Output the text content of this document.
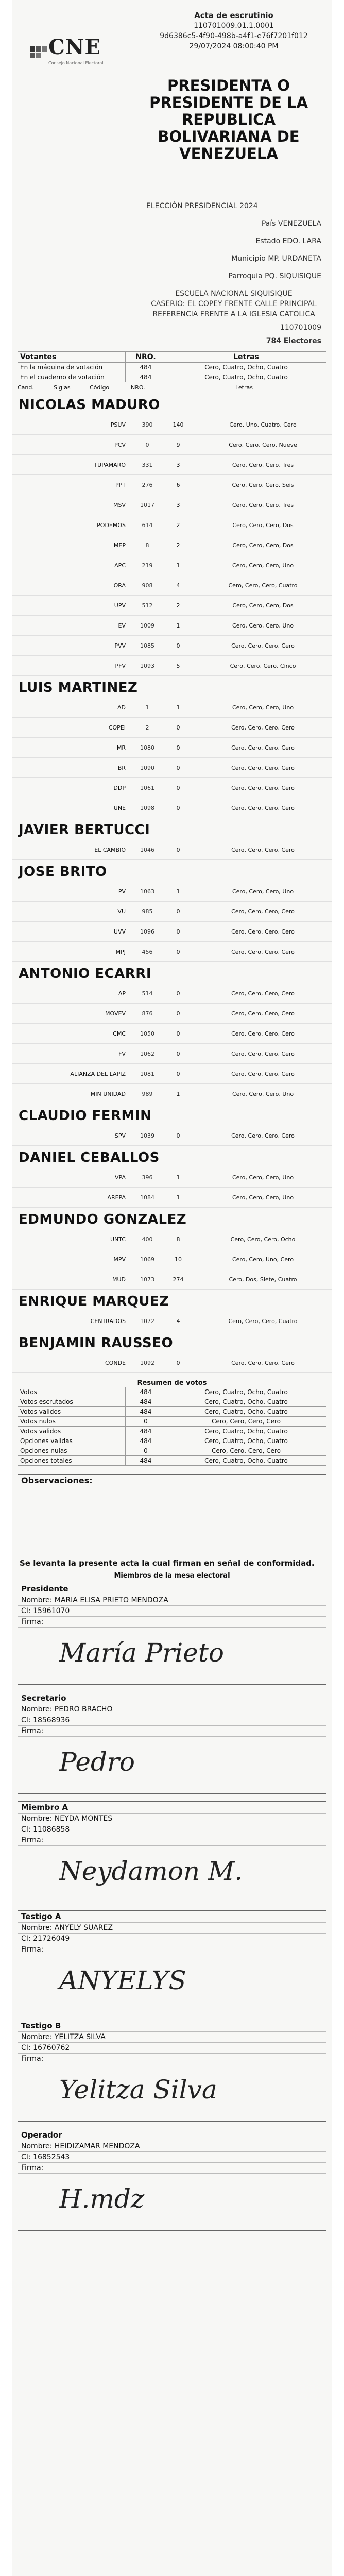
CNE
Consejo Nacional Electoral
Acta de escrutinio
110701009.01.1.0001
9d6386c5-4f90-498b-a4f1-e76f7201f012
29/07/2024 08:00:40 PM
PRESIDENTA O
PRESIDENTE DE LA
REPUBLICA
BOLIVARIANA DE
VENEZUELA
ELECCIÓN PRESIDENCIAL 2024
País VENEZUELA
Estado EDO. LARA
Municipio MP. URDANETA
Parroquia PQ. SIQUISIQUE
ESCUELA NACIONAL SIQUISIQUE
CASERIO: EL COPEY FRENTE CALLE PRINCIPAL REFERENCIA FRENTE A LA IGLESIA CATOLICA
110701009
784 Electores
Votantes	NRO.	Letras
En la máquina de votación	484	Cero, Cuatro, Ocho, Cuatro
En el cuaderno de votación	484	Cero, Cuatro, Ocho, Cuatro
Cand.	Siglas	Código	NRO.	Letras
NICOLAS MADURO
PSUV	390	140	Cero, Uno, Cuatro, Cero
PCV	0	9	Cero, Cero, Cero, Nueve
TUPAMARO	331	3	Cero, Cero, Cero, Tres
PPT	276	6	Cero, Cero, Cero, Seis
MSV	1017	3	Cero, Cero, Cero, Tres
PODEMOS	614	2	Cero, Cero, Cero, Dos
MEP	8	2	Cero, Cero, Cero, Dos
APC	219	1	Cero, Cero, Cero, Uno
ORA	908	4	Cero, Cero, Cero, Cuatro
UPV	512	2	Cero, Cero, Cero, Dos
EV	1009	1	Cero, Cero, Cero, Uno
PVV	1085	0	Cero, Cero, Cero, Cero
PFV	1093	5	Cero, Cero, Cero, Cinco
LUIS MARTINEZ
AD	1	1	Cero, Cero, Cero, Uno
COPEI	2	0	Cero, Cero, Cero, Cero
MR	1080	0	Cero, Cero, Cero, Cero
BR	1090	0	Cero, Cero, Cero, Cero
DDP	1061	0	Cero, Cero, Cero, Cero
UNE	1098	0	Cero, Cero, Cero, Cero
JAVIER BERTUCCI
EL CAMBIO	1046	0	Cero, Cero, Cero, Cero
JOSE BRITO
PV	1063	1	Cero, Cero, Cero, Uno
VU	985	0	Cero, Cero, Cero, Cero
UVV	1096	0	Cero, Cero, Cero, Cero
MPJ	456	0	Cero, Cero, Cero, Cero
ANTONIO ECARRI
AP	514	0	Cero, Cero, Cero, Cero
MOVEV	876	0	Cero, Cero, Cero, Cero
CMC	1050	0	Cero, Cero, Cero, Cero
FV	1062	0	Cero, Cero, Cero, Cero
ALIANZA DEL LAPIZ	1081	0	Cero, Cero, Cero, Cero
MIN UNIDAD	989	1	Cero, Cero, Cero, Uno
CLAUDIO FERMIN
SPV	1039	0	Cero, Cero, Cero, Cero
DANIEL CEBALLOS
VPA	396	1	Cero, Cero, Cero, Uno
AREPA	1084	1	Cero, Cero, Cero, Uno
EDMUNDO GONZALEZ
UNTC	400	8	Cero, Cero, Cero, Ocho
MPV	1069	10	Cero, Cero, Uno, Cero
MUD	1073	274	Cero, Dos, Siete, Cuatro
ENRIQUE MARQUEZ
CENTRADOS	1072	4	Cero, Cero, Cero, Cuatro
BENJAMIN RAUSSEO
CONDE	1092	0	Cero, Cero, Cero, Cero
Resumen de votos
Votos	484	Cero, Cuatro, Ocho, Cuatro
Votos escrutados	484	Cero, Cuatro, Ocho, Cuatro
Votos validos	484	Cero, Cuatro, Ocho, Cuatro
Votos nulos	0	Cero, Cero, Cero, Cero
Votos validos	484	Cero, Cuatro, Ocho, Cuatro
Opciones validas	484	Cero, Cuatro, Ocho, Cuatro
Opciones nulas	0	Cero, Cero, Cero, Cero
Opciones totales	484	Cero, Cuatro, Ocho, Cuatro
Observaciones:
Se levanta la presente acta la cual firman en señal de conformidad.
Miembros de la mesa electoral
Presidente
Nombre: MARIA ELISA PRIETO MENDOZA
CI: 15961070
Firma:
María Prieto
Secretario
Nombre: PEDRO BRACHO
CI: 18568936
Firma:
Pedro
Miembro A
Nombre: NEYDA MONTES
CI: 11086858
Firma:
Neydamon M.
Testigo A
Nombre: ANYELY SUAREZ
CI: 21726049
Firma:
ANYELYS
Testigo B
Nombre: YELITZA SILVA
CI: 16760762
Firma:
Yelitza Silva
Operador
Nombre: HEIDIZAMAR MENDOZA
CI: 16852543
Firma:
H.mdz
